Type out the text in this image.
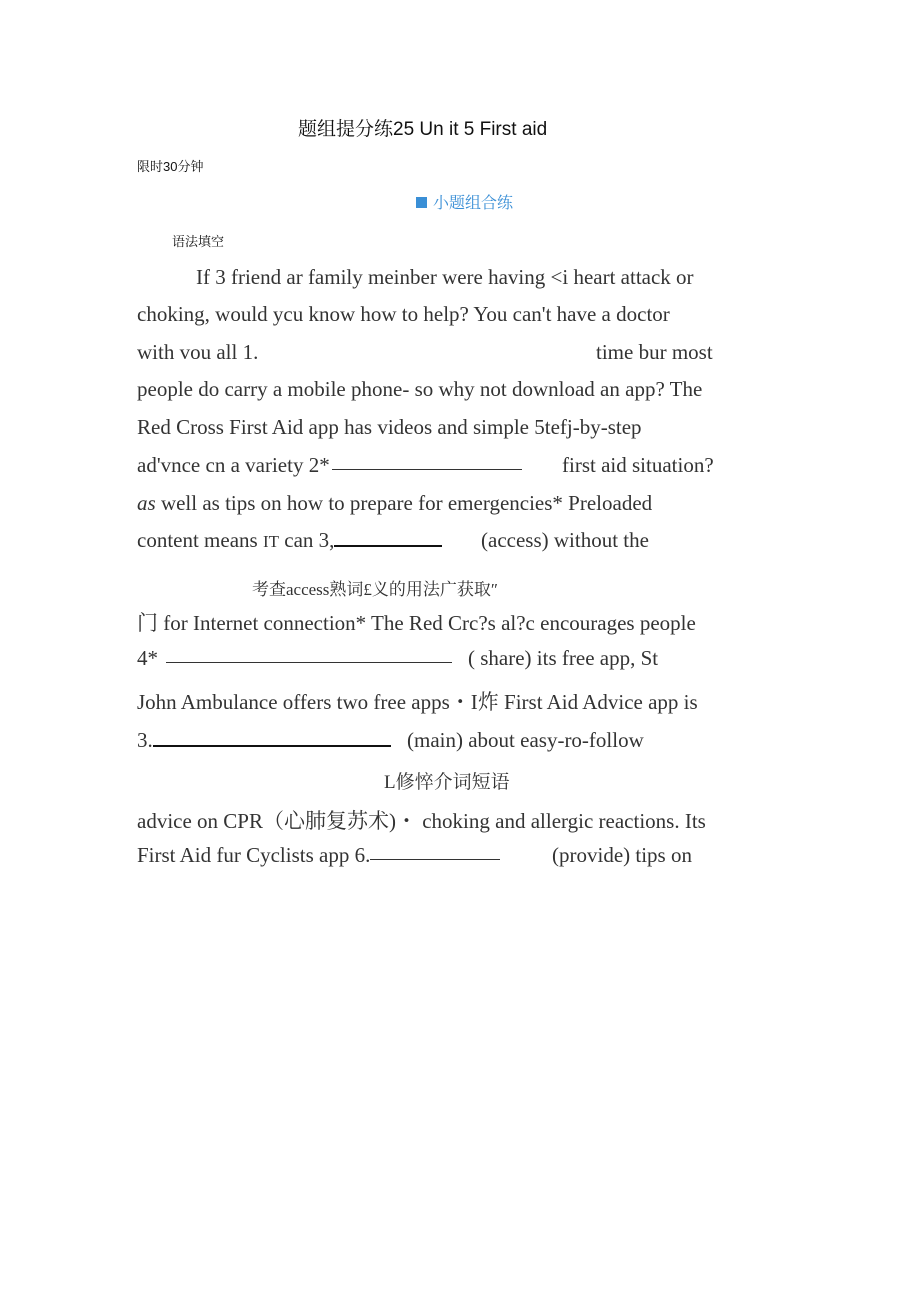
题组提分练25 Un it 5 First aid
限时30分钟
小题组合练
语法填空
If 3 friend ar family meinber were having <i heart attack or
choking, would ycu know how to help? You can't have a doctor
with vou all 1.	time bur most
people do carry a mobile phone- so why not download an app? The
Red Cross First Aid app has videos and simple 5tefj-by-step
ad'vnce cn a variety 2*	first aid situation?
as well as tips on how to prepare for emergencies* Preloaded
content means IT can 3,	(access) without the
考查access熟词£义的用法广获取″
门 for Internet connection* The Red Crc?s al?c encourages people
4*	( share) its free app, St
John Ambulance offers two free apps・I炸 First Aid Advice app is
3.	(main) about easy-ro-follow
L修悴介词短语
advice on CPR（心肺复苏术)・ choking and allergic reactions. Its
First Aid fur Cyclists app 6.	(provide) tips on
